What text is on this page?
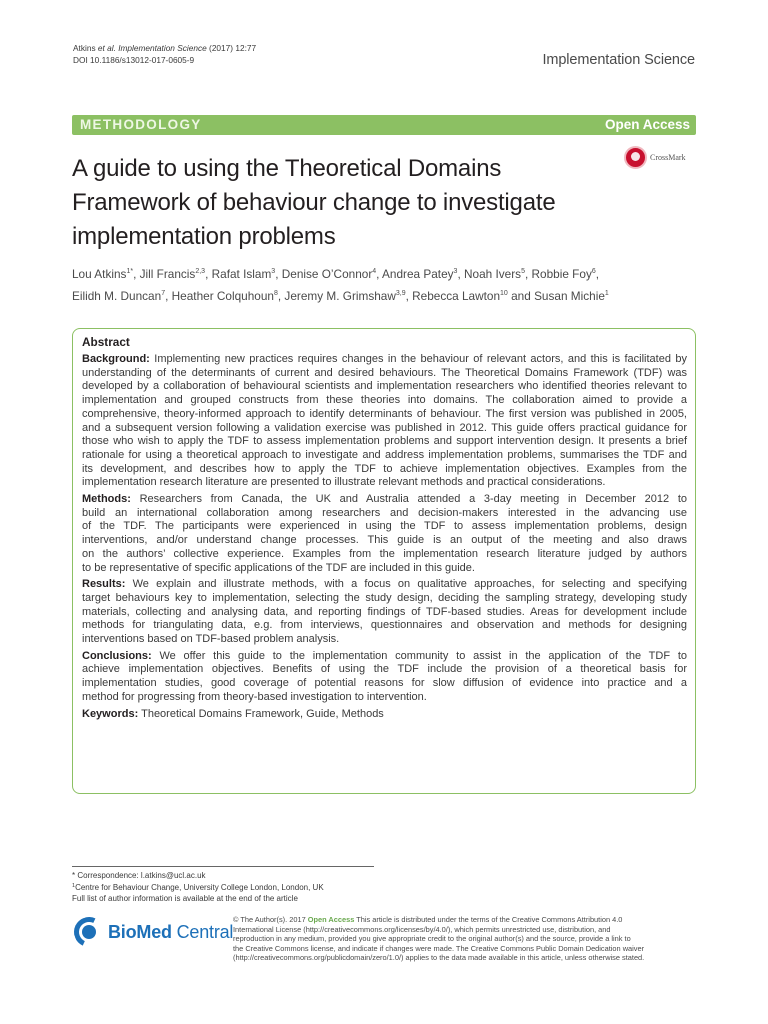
Atkins et al. Implementation Science (2017) 12:77
DOI 10.1186/s13012-017-0605-9	Implementation Science
METHODOLOGY	Open Access
A guide to using the Theoretical Domains Framework of behaviour change to investigate implementation problems
CrossMark
Lou Atkins$^{1*}$, Jill Francis$^{2,3}$, Rafat Islam$^3$, Denise O’Connor$^4$, Andrea Patey$^3$, Noah Ivers$^5$, Robbie Foy$^6$,
Eilidh M. Duncan$^7$, Heather Colquhoun$^8$, Jeremy M. Grimshaw$^{3,9}$, Rebecca Lawton$^{10}$ and Susan Michie$^1$
Abstract
Background: Implementing new practices requires changes in the behaviour of relevant actors, and this is facilitated by
understanding of the determinants of current and desired behaviours. The Theoretical Domains Framework (TDF) was
developed by a collaboration of behavioural scientists and implementation researchers who identified theories relevant to
implementation and grouped constructs from these theories into domains. The collaboration aimed to provide a
comprehensive, theory-informed approach to identify determinants of behaviour. The first version was published in 2005,
and a subsequent version following a validation exercise was published in 2012. This guide offers practical guidance for
those who wish to apply the TDF to assess implementation problems and support intervention design. It presents a brief
rationale for using a theoretical approach to investigate and address implementation problems, summarises the TDF and
its development, and describes how to apply the TDF to achieve implementation objectives. Examples from the
implementation research literature are presented to illustrate relevant methods and practical considerations.
Methods: Researchers from Canada, the UK and Australia attended a 3-day meeting in December 2012 to
build an international collaboration among researchers and decision-makers interested in the advancing use
of the TDF. The participants were experienced in using the TDF to assess implementation problems, design
interventions, and/or understand change processes. This guide is an output of the meeting and also draws
on the authors’ collective experience. Examples from the implementation research literature judged by authors
to be representative of specific applications of the TDF are included in this guide.
Results: We explain and illustrate methods, with a focus on qualitative approaches, for selecting and specifying
target behaviours key to implementation, selecting the study design, deciding the sampling strategy, developing study
materials, collecting and analysing data, and reporting findings of TDF-based studies. Areas for development include
methods for triangulating data, e.g. from interviews, questionnaires and observation and methods for designing
interventions based on TDF-based problem analysis.
Conclusions: We offer this guide to the implementation community to assist in the application of the TDF to
achieve implementation objectives. Benefits of using the TDF include the provision of a theoretical basis for
implementation studies, good coverage of potential reasons for slow diffusion of evidence into practice and a
method for progressing from theory-based investigation to intervention.
Keywords: Theoretical Domains Framework, Guide, Methods
* Correspondence: l.atkins@ucl.ac.uk
$^1$Centre for Behaviour Change, University College London, London, UK
Full list of author information is available at the end of the article
BioMed Central
© The Author(s). 2017 Open Access This article is distributed under the terms of the Creative Commons Attribution 4.0
International License (http://creativecommons.org/licenses/by/4.0/), which permits unrestricted use, distribution, and
reproduction in any medium, provided you give appropriate credit to the original author(s) and the source, provide a link to
the Creative Commons license, and indicate if changes were made. The Creative Commons Public Domain Dedication waiver
(http://creativecommons.org/publicdomain/zero/1.0/) applies to the data made available in this article, unless otherwise stated.
